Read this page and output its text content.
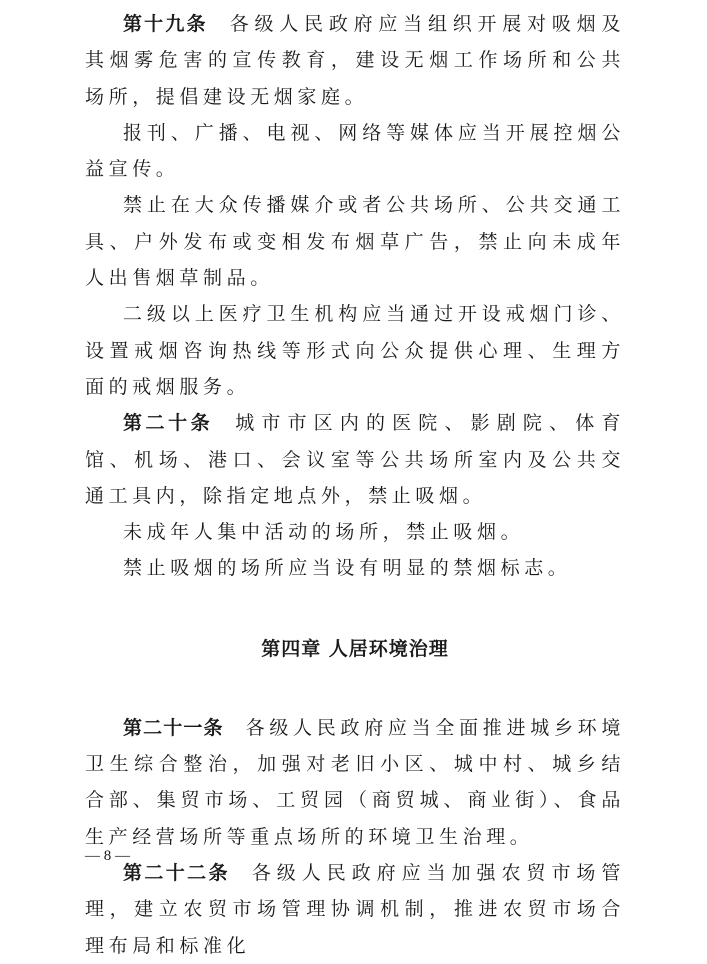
第十九条 各级人民政府应当组织开展对吸烟及其烟雾危害的宣传教育，建设无烟工作场所和公共场所，提倡建设无烟家庭。

报刊、广播、电视、网络等媒体应当开展控烟公益宣传。

禁止在大众传播媒介或者公共场所、公共交通工具、户外发布或变相发布烟草广告，禁止向未成年人出售烟草制品。

二级以上医疗卫生机构应当通过开设戒烟门诊、设置戒烟咨询热线等形式向公众提供心理、生理方面的戒烟服务。

第二十条 城市市区内的医院、影剧院、体育馆、机场、港口、会议室等公共场所室内及公共交通工具内，除指定地点外，禁止吸烟。

未成年人集中活动的场所，禁止吸烟。

禁止吸烟的场所应当设有明显的禁烟标志。

第四章 人居环境治理

第二十一条 各级人民政府应当全面推进城乡环境卫生综合整治，加强对老旧小区、城中村、城乡结合部、集贸市场、工贸园（商贸城、商业街）、食品生产经营场所等重点场所的环境卫生治理。

第二十二条 各级人民政府应当加强农贸市场管理，建立农贸市场管理协调机制，推进农贸市场合理布局和标准化

— 8 —
